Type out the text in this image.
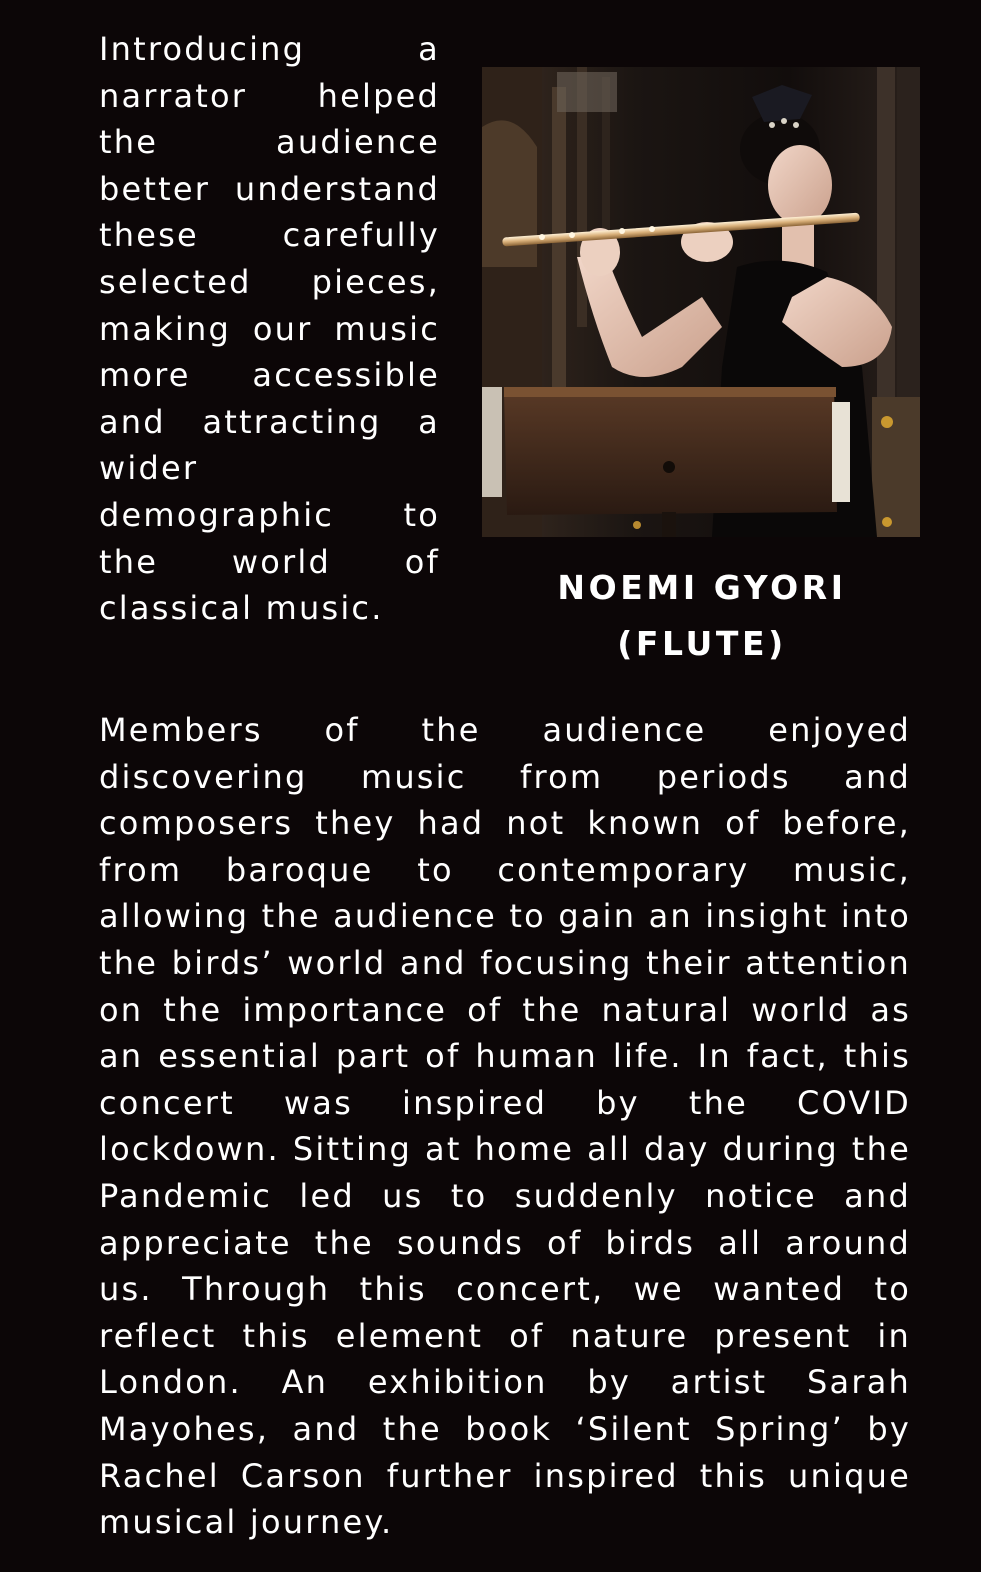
Introducing a narrator helped the audience better understand these carefully selected pieces, making our music more accessible and attracting a wider demographic to the world of classical music.

NOEMI GYORI
(FLUTE)

Members of the audience enjoyed discovering music from periods and composers they had not known of before, from baroque to contemporary music, allowing the audience to gain an insight into the birds’ world and focusing their attention on the importance of the natural world as an essential part of human life. In fact, this concert was inspired by the COVID lockdown. Sitting at home all day during the Pandemic led us to suddenly notice and appreciate the sounds of birds all around us. Through this concert, we wanted to reflect this element of nature present in London. An exhibition by artist Sarah Mayohes, and the book ‘Silent Spring’ by Rachel Carson further inspired this unique musical journey.
